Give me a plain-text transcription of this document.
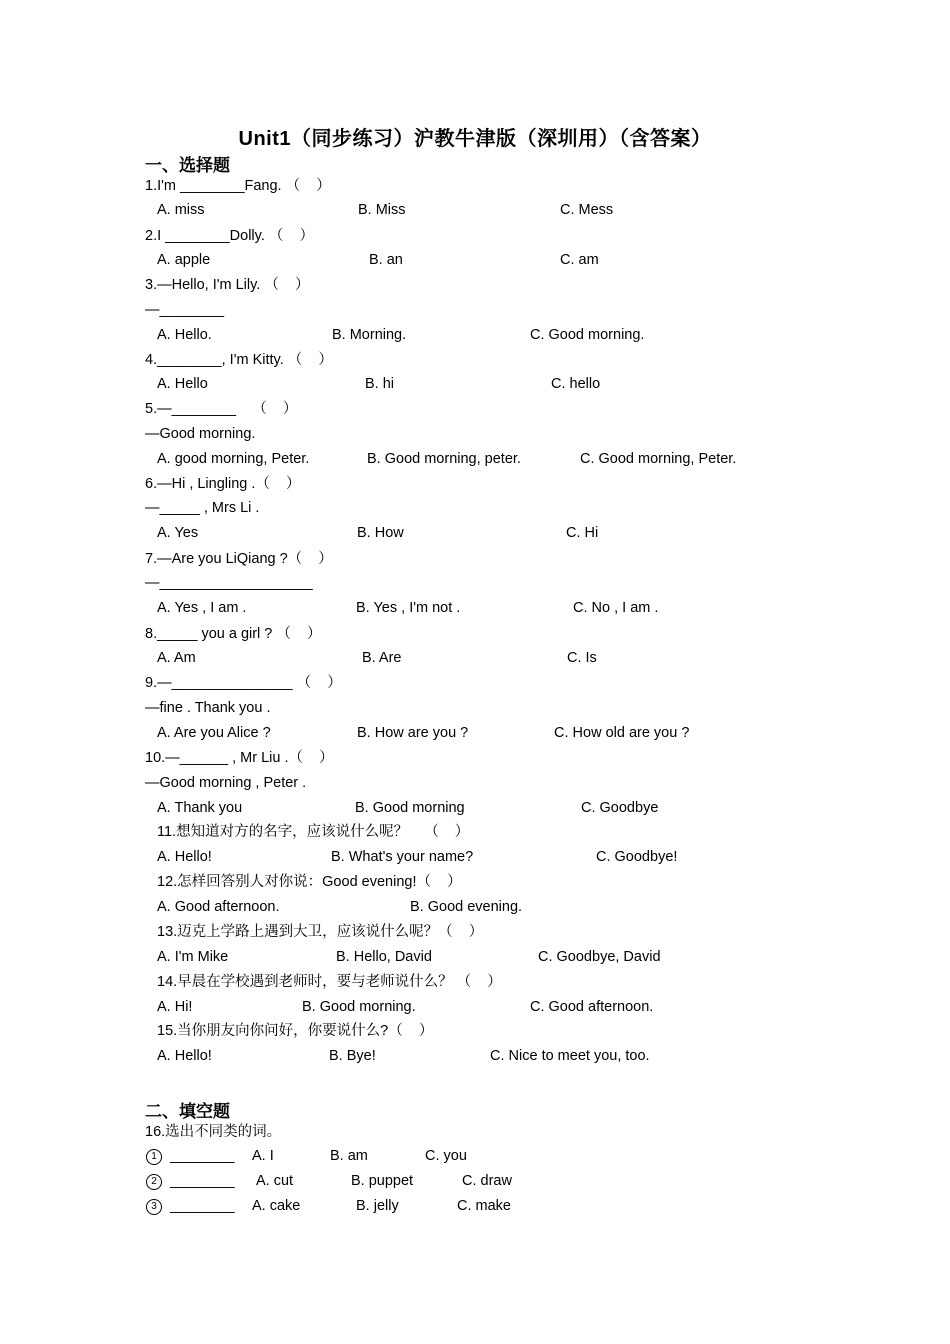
Unit1（同步练习）沪教牛津版（深圳用）（含答案）
一、选择题
1.I'm ________Fang. （    ）
A. miss	B. Miss	C. Mess
2.I ________Dolly. （    ）
A. apple	B. an	C. am
3.—Hello, I'm Lily. （    ）
—________
A. Hello.	B. Morning.	C. Good morning.
4.________, I'm Kitty. （    ）
A. Hello	B. hi	C. hello
5.—________    （    ）
—Good morning.
A. good morning, Peter.	B. Good morning, peter.	C. Good morning, Peter.
6.—Hi , Lingling .（    ）
—_____ , Mrs Li .
A. Yes	B. How	C. Hi
7.—Are you LiQiang ?（    ）
—___________________
A. Yes , I am .	B. Yes , I'm not .	C. No , I am .
8._____ you a girl ? （    ）
A. Am	B. Are	C. Is
9.—_______________ （    ）
—fine . Thank you .
A. Are you Alice ?	B. How are you ?	C. How old are you ?
10.—______ , Mr Liu .（    ）
—Good morning , Peter .
A. Thank you	B. Good morning	C. Goodbye
11.想知道对方的名字，应该说什么呢？    （    ）
A. Hello!	B. What's your name?	C. Goodbye!
12.怎样回答别人对你说：Good evening!（    ）
A. Good afternoon.	B. Good evening.
13.迈克上学路上遇到大卫，应该说什么呢？（    ）
A. I'm Mike	B. Hello, David	C. Goodbye, David
14.早晨在学校遇到老师时，要与老师说什么？ （    ）
A. Hi!	B. Good morning.	C. Good afternoon.
15.当你朋友向你问好，你要说什么?（    ）
A. Hello!	B. Bye!	C. Nice to meet you, too.
二、填空题
16.选出不同类的词。
1 ________ A. I	B. am	C. you
2 ________ A. cut	B. puppet	C. draw
3 ________ A. cake	B. jelly	C. make
